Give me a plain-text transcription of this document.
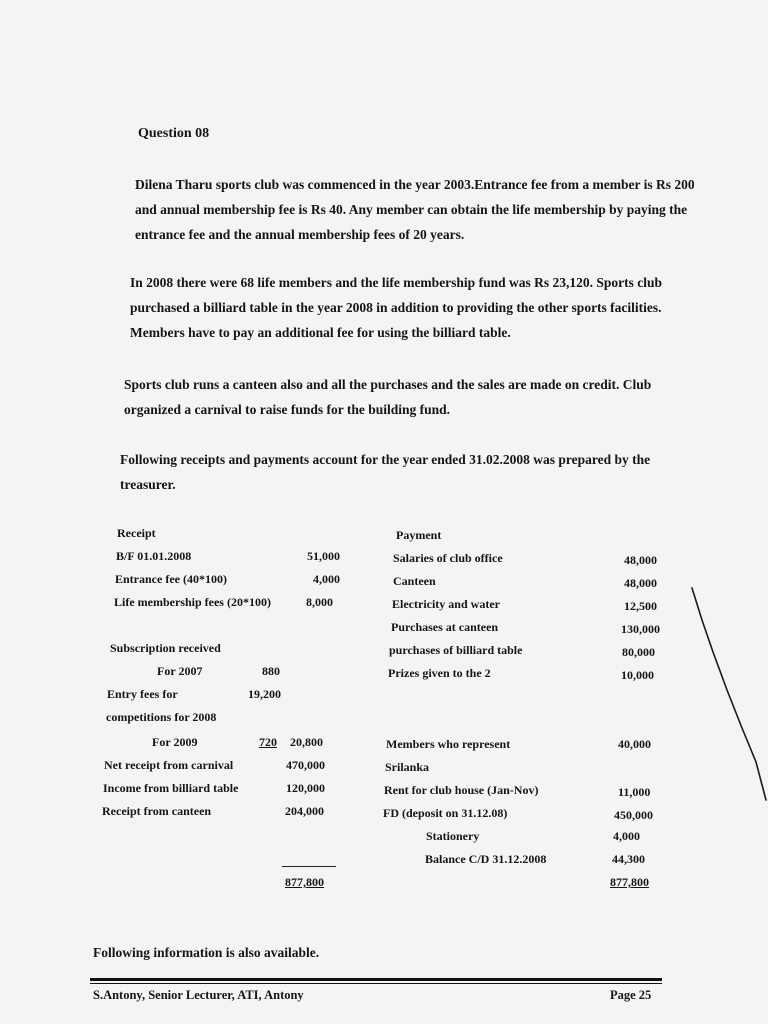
Question 08
Dilena Tharu sports club was commenced in the year 2003.Entrance fee from a member is Rs 200 and annual membership fee is Rs 40. Any member can obtain the life membership by paying the entrance fee and the annual membership fees of 20 years.
In 2008 there were 68 life members and the life membership fund was Rs 23,120. Sports club purchased a billiard table in the year 2008 in addition to providing the other sports facilities. Members have to pay an additional fee for using the billiard table.
Sports club runs a canteen also and all the purchases and the sales are made on credit. Club organized a carnival to raise funds for the building fund.
Following receipts and payments account for the year ended 31.02.2008 was prepared by the treasurer.
Receipt
B/F 01.01.2008	51,000
Entrance fee (40*100)	4,000
Life membership fees (20*100)	8,000
Subscription received
For 2007	880
Entry fees for	19,200
competitions for 2008
For 2009	720 20,800
Net receipt from carnival	470,000
Income from billiard table	120,000
Receipt from canteen	204,000
877,800
Payment
Salaries of club office	48,000
Canteen	48,000
Electricity and water	12,500
Purchases at canteen	130,000
purchases of billiard table	80,000
Prizes given to the 2	10,000
Members who represent	40,000
Srilanka
Rent for club house (Jan-Nov)	11,000
FD (deposit on 31.12.08)	450,000
Stationery	4,000
Balance C/D 31.12.2008	44,300
877,800
Following information is also available.
S.Antony, Senior Lecturer, ATI, Antony	Page 25
